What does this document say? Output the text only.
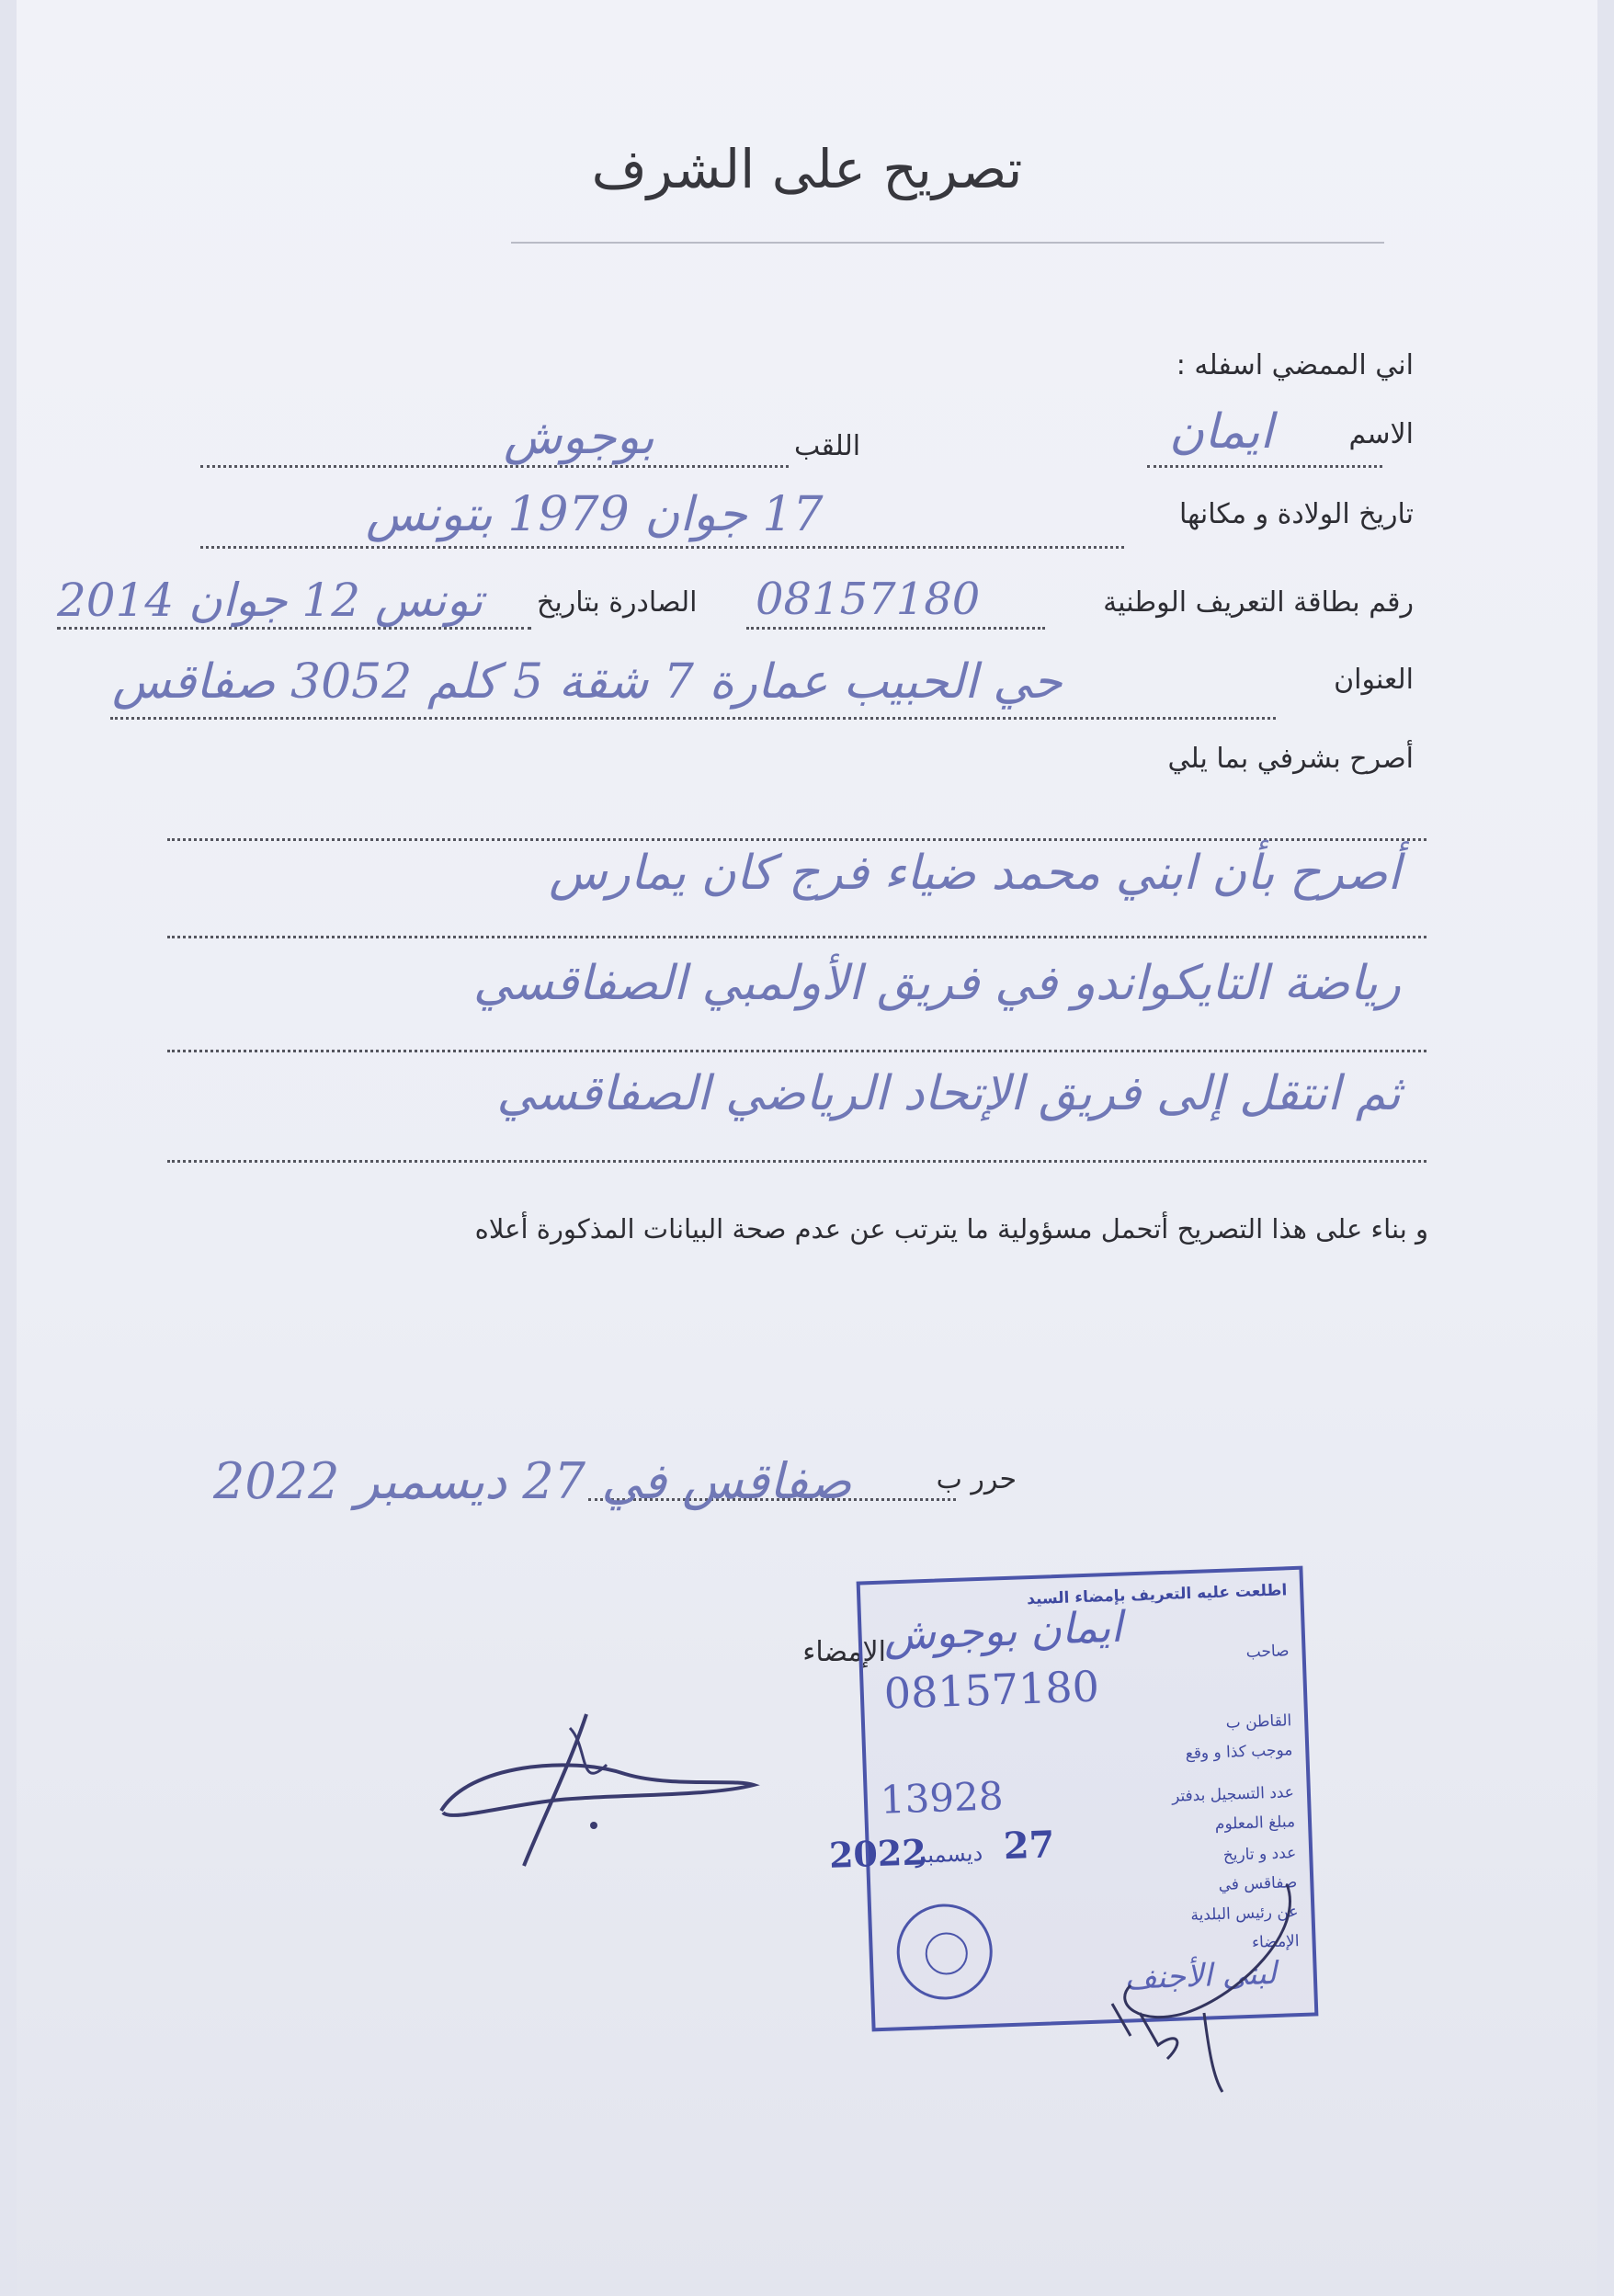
تصريح على الشرف
اني الممضي اسفله :
الاسم
ايمان
اللقب
بوجوش
تاريخ الولادة و مكانها
17 جوان 1979 بتونس
رقم بطاقة التعريف الوطنية
08157180
الصادرة بتاريخ
تونس 12 جوان 2014
العنوان
حي الحبيب عمارة 7 شقة 5 كلم 3052 صفاقس
أصرح بشرفي بما يلي
أصرح بأن ابني محمد ضياء فرج كان يمارس
رياضة التايكواندو في فريق الأولمبي الصفاقسي
ثم انتقل إلى فريق الإتحاد الرياضي الصفاقسي
و بناء على هذا التصريح أتحمل مسؤولية ما يترتب عن عدم صحة البيانات المذكورة أعلاه
حرر ب
صفاقس في 27 ديسمبر 2022
الإمضاء
اطلعت عليه التعريف بإمضاء السيد
ايمان بوجوش	صاحب
08157180
القاطن ب
موجب كذا و وقع
13928	عدد التسجيل بدفتر
مبلغ المعلوم
2022
ديسمبر 27	عدد و تاريخ
صفاقس في
عن رئيس البلدية
الإمضاء
لبنى الأجنف
